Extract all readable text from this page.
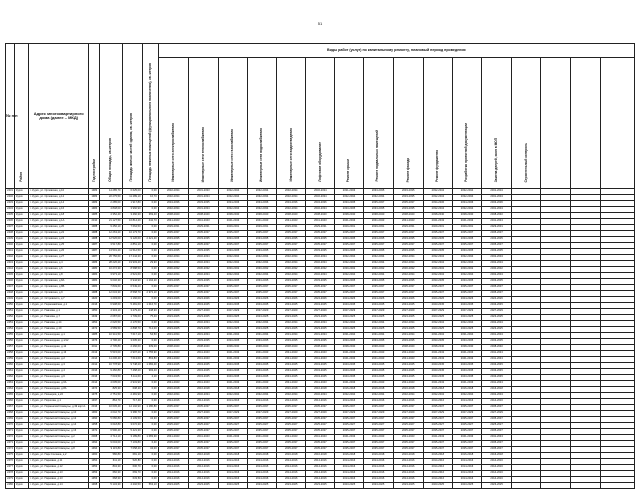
51
№ п/п	Район	Адрес многоквартирного дома (далее – МКД)	Год постройки	Общая площадь, кв.метров	Площадь жилых частей здания, кв. метров	Площадь нежилых помещений (функционального назначения), кв. метров	Виды работ (услуг) по капитальному ремонту, плановый период проведения															
							Инженерные сети электроснабжения	Инженерные сети теплоснабжения	Инженерные сети газоснабжения	Инженерные сети водоснабжения	Инженерные сети водоотведения	Лифтовое оборудование	Ремонт крыши	Ремонт подвальных помещений	Ремонт фасада	Ремонт фундамента	Разработка проектной документации	Замена дверей, окон в МОП	Строительный контроль			
2431	Курск	г. Курск, ул. Орловская, д.10	1983	14 285,70	6 625,00	0,00	2032-2034	2031-2033	2032-2034	2032-2034	2032-2034	2032-2034	2031-2033	2033-2035	2033-2035	2032-2034	2032-2034	2031-2034				
2432	Курск	г. Курск, ул. Орловская, д.12	1983	22 275,50	11 289,10	10,70	2032-2034	2031-2034	2032-2034	2032-2034	2032-2034	2032-2034	2032-2034	2032-2034	2033-2035	2032-2034	2032-2034	2031-2034				
2433	Курск	г. Курск, ул. Орловская, д.14	1983	2 285,00	1 917,80	0,00	2034-2036	2033-2035	2034-2036	2034-2036	2034-2036	2034-2036	2033-2035	2035-2037	2035-2037	2034-2036	2034-2036	2033-2036				
2434	Курск	г. Курск, ул. Орловская, д.16	1984	4 848,00	3 960,90	0,00	2032-2034	2031-2034	2032-2034	2032-2034	2032-2034	2032-2034	2033-2035	2033-2035	2033-2035	2032-2034	2032-2034	2031-2034				
2435	Курск	г. Курск, ул. Орловская, д.18	1985	4 352,40	3 460,30	369,40	2038-2040	2038-2040	2038-2040	2038-2040	2038-2040	2038-2040	2038-2040	2038-2040	2038-2040	2038-2040	2038-2040	2038-2040				
2436	Курск	г. Курск, ул. Орловская, д.1А	2010	21 127,50	16 814,20	442,70	2041-2043	2041-2043	2041-2043	2041-2043	2041-2043	2041-2043	2041-2043	2041-2043	2041-2043	2041-2043	2041-2043	2041-2043				
2437	Курск	г. Курск, ул. Орловская, д.20	1988	9 456,10	7 664,50	0,00	2029-2031	2029-2031	2029-2031	2029-2031	2029-2031	2029-2031	2029-2031	2029-2031	2029-2031	2029-2031	2029-2031	2029-2031				
2438	Курск	г. Курск, ул. Орловская, д.22	1988	12 263,20	10 173,70	0,00	2035-2037	2035-2037	2035-2037	2035-2037	2035-2037	2035-2037	2035-2037	2035-2037	2035-2037	2035-2037	2035-2037	2035-2037				
2439	Курск	г. Курск, ул. Орловская, д.24	1988	12 526,00	9 126,60	2 421,40	2033-2035	2033-2035	2033-2035	2033-2035	2033-2035	2033-2035	2033-2035	2033-2035	2033-2035	2033-2035	2033-2035	2033-2035				
2440	Курск	г. Курск, ул. Орловская, д.25	1987	3 517,80	2 851,10	0,00	2035-2037	2035-2037	2035-2037	2035-2037	2035-2037	2035-2037	2035-2037	2035-2037	2035-2037	2035-2037	2035-2037	2035-2037				
2441	Курск	г. Курск, ул. Орловская, д.26	1987	13 501,20	11 512,50	0,00	2033-2035	2033-2035	2033-2035	2033-2035	2033-2035	2033-2035	2033-2035	2033-2035	2033-2035	2033-2035	2033-2035	2033-2035				
2442	Курск	г. Курск, ул. Орловская, д.27	1987	20 756,60	17 244,30	0,00	2032-2034	2032-2034	2032-2034	2032-2034	2032-2034	2032-2034	2032-2034	2032-2034	2032-2034	2032-2034	2032-2034	2032-2034				
2443	Курск	г. Курск, ул. Орловская, д.4	1986	28 226,20	19 903,40	29,90	2032-2034	2032-2034	2032-2034	2032-2034	2032-2034	2032-2034	2032-2034	2032-2034	2032-2034	2032-2034	2032-2034	2032-2034				
2444	Курск	г. Курск, ул. Орловская, д.6	1980	10 272,30	8 588,50	0,00	2030-2032	2030-2032	2030-2032	2030-2032	2030-2032	2030-2032	2030-2032	2030-2032	2030-2032	2030-2032	2030-2032	2030-2032				
2445	Курск	г. Курск, ул. Орловская, д.8	1984	3 973,10	2 521,60	0,00	2032-2034	2032-2034	2032-2034	2032-2034	2032-2034	2032-2034	2032-2034	2032-2034	2032-2034	2032-2034	2032-2034	2032-2034				
2446	Курск	г. Курск, ул. Орловская, д.8А	1984	9 046,30	6 944,90	1 194,20	2033-2035	2033-2035	2033-2035	2033-2035	2033-2035	2033-2035	2033-2035	2033-2035	2033-2035	2033-2035	2033-2035	2033-2035				
2447	Курск	г. Курск, ул. Орловская, д.8Б	1984	7 849,60	6 549,20	0,00	2035-2037	2035-2037	2035-2037	2035-2037	2035-2037	2035-2037	2035-2037	2035-2037	2035-2037	2035-2037	2035-2037	2035-2037				
2448	Курск	г. Курск, ул. Орловская, д.9	1988	12 034,30	8 568,70	2 972,10	2035-2037	2035-2037	2035-2037	2035-2037	2035-2037	2035-2037	2035-2037	2035-2037	2035-2037	2035-2037	2035-2037	2035-2037				
2449	Курск	г. Курск, ул. Островского, д.7	1920	1 293,00	1 160,00	0,00	2024-2026	2024-2026	2024-2026	2024-2026	2024-2026	2024-2026	2024-2026	2024-2026	2024-2026	2024-2026	2024-2026	2024-2026				
2450	Курск	г. Курск, ул. Первомайская, д.1	2016	6 908,60	5 481,60	1 016,70	2043-2045	2043-2045	2043-2045	2043-2045	2043-2045	2043-2045	2043-2045	2043-2045	2043-2045	2043-2045	2043-2045	2043-2045				
2451	Курск	г. Курск, ул. Павлова, д.1	1950	4 343,10	3 279,40	248,90	2027-2029	2027-2029	2027-2029	2027-2029	2027-2029	2027-2029	2027-2029	2027-2029	2027-2029	2027-2029	2027-2029	2027-2029				
2452	Курск	г. Курск, ул. Павлова, д.7	1949	2 087,00	1 709,60	75,40	2023-2025	2023-2025	2023-2025	2023-2025	2023-2025	2023-2025	2023-2025	2023-2025	2023-2025	2023-2025	2023-2025	2023-2025				
2453	Курск	г. Курск, ул. Павлова, д.14	1954	2 626,50	2 170,50	0,00	2032-2034	2032-2034	2032-2034	2032-2034	2032-2034	2032-2034	2032-2034	2032-2034	2032-2034	2032-2034	2032-2034	2032-2034				
2454	Курск	г. Курск, ул. Павлова, д.19	1972	4 589,50	2 898,70	712,00	2023-2025	2023-2025	2023-2025	2023-2025	2023-2025	2023-2025	2023-2025	2023-2025	2023-2025	2023-2025	2023-2025	2023-2025				
2455	Курск	г. Курск, ул. Пешеходная, д.1	1985	10 341,50	7 617,10	54,50	2031-2034	2031-2034	2031-2034	2031-2034	2031-2034	2031-2034	2031-2034	2031-2034	2031-2034	2031-2034	2031-2034	2031-2034				
2456	Курск	г. Курск, ул. Пешеходная, д.1/12	1976	4 796,20	3 605,30	0,00	2033-2035	2033-2035	2033-2035	2033-2035	2033-2035	2033-2035	2033-2035	2033-2035	2033-2035	2033-2035	2033-2035	2033-2035				
2457	Курск	г. Курск, ул. Пешеходная, д.12	2011	2 705,80	2 266,60	339,00	2038-2040	2038-2040	2038-2040	2038-2040	2038-2040	2038-2040	2038-2040	2038-2040	2038-2040	2038-2040	2038-2040	2038-2040				
2458	Курск	г. Курск, ул. Пешеходная, д.13	2013	5 515,00	2 907,20	1 755,90	2041-2043	2041-2043	2041-2043	2041-2043	2041-2043	2041-2043	2041-2043	2041-2043	2041-2043	2041-2043	2041-2043	2041-2043				
2459	Курск	г. Курск, ул. Пешеходная, д.2	2014	11 206,40	7 613,60	863,80	2041-2043	2041-2043	2041-2043	2041-2043	2041-2043	2041-2043	2041-2043	2041-2043	2041-2043	2041-2043	2041-2043	2041-2043				
2460	Курск	г. Курск, ул. Пешеходная, д.3	2012	16 778,90	9 748,20	1 082,40	2043-2045	2043-2045	2043-2045	2043-2045	2043-2045	2043-2045	2043-2045	2043-2045	2043-2045	2043-2045	2043-2045	2043-2045				
2461	Курск	г. Курск, ул. Пешеходная, д.4	2016	9 460,80	7 468,20	993,40	2043-2045	2043-2045	2043-2045	2043-2045	2043-2045	2043-2045	2043-2045	2043-2045	2043-2045	2043-2045	2043-2045	2043-2045				
2462	Курск	г. Курск, ул. Пешеходная, д.6	2016	7 643,50	6 111,60	2,10	2043-2045	2043-2045	2043-2045	2043-2045	2043-2045	2043-2045	2043-2045	2043-2045	2043-2045	2043-2045	2043-2045	2043-2045				
2463	Курск	г. Курск, ул. Пешеходная, д.6А	2014	4 005,00	2 931,90	0,00	2041-2043	2041-2043	2041-2043	2041-2043	2041-2043	2041-2043	2041-2043	2041-2043	2041-2043	2041-2043	2041-2043	2041-2043				
2464	Курск	г. Курск, ул. Пешеходная, д.8А	1974	825,30	608,20	0,00	2016-2018	2016-2018	2016-2018	2016-2018	2016-2018	2016-2018	2016-2018	2016-2018	2016-2018	2016-2018	2016-2018	2016-2018				
2465	Курск	г. Курск, ул. Пионеров, д.22	1975	2 751,50	2 481,90	0,00	2032-2034	2032-2034	2032-2034	2032-2034	2032-2034	2032-2034	2032-2034	2032-2034	2032-2034	2032-2034	2032-2034	2032-2034				
2466	Курск	г. Курск, ул. Пирогова, д.1	1937	864,70	717,40	0,00	2014-2016	2014-2016	2014-2016	2014-2016	2014-2016	2014-2016	2014-2016	2014-2016	2014-2016	2014-2016	2014-2016	2014-2016				
2467	Курск	г. Курск, ул. Порвенской Коммуны, д.39 корп.1	2016	10 645,40	12 102,90	1 180,80	2035-2037	2035-2037	2035-2037	2035-2037	2035-2037	2035-2037	2035-2037	2035-2037	2035-2037	2035-2037	2035-2037	2035-2037				
2468	Курск	г. Курск, ул. Парижской Коммуны, д.10	1960	4 042,70	3 386,70	0,00	2027-2029	2027-2029	2027-2029	2027-2029	2027-2029	2027-2029	2027-2029	2027-2029	2027-2029	2027-2029	2027-2029	2027-2029				
2469	Курск	г. Курск, ул. Парижской Коммуны, д.12	1990	5 686,80	4 109,50	34,30	2035-2037	2035-2037	2035-2037	2035-2037	2035-2037	2035-2037	2035-2037	2035-2037	2035-2037	2035-2037	2035-2037	2035-2037				
2470	Курск	г. Курск, ул. Парижской Коммуны, д.14	1958	3 618,80	3 072,30	0,00	2025-2027	2025-2027	2025-2027	2025-2027	2025-2027	2025-2027	2025-2027	2025-2027	2025-2027	2025-2027	2025-2027	2025-2027				
2471	Курск	г. Курск, ул. Парижской Коммуны, д.16	1972	6 590,40	5 421,30	0,00	2035-2037	2035-2037	2035-2037	2035-2037	2035-2037	2035-2037	2035-2037	2035-2037	2035-2037	2035-2037	2035-2037	2035-2037				
2472	Курск	г. Курск, ул. Парижской Коммуны, д.2	2008	4 714,10	3 189,80	1 083,30	2041-2043	2041-2043	2041-2043	2041-2043	2041-2043	2041-2043	2041-2043	2041-2043	2041-2043	2041-2043	2041-2043	2041-2043				
2473	Курск	г. Курск, ул. Парижской Коммуны, д.4	1994	9 004,00	7 103,80	6,40	2035-2037	2035-2037	2035-2037	2035-2037	2035-2037	2035-2037	2035-2037	2035-2037	2035-2037	2035-2037	2035-2037	2035-2037				
2474	Курск	г. Курск, ул. Парижской Коммуны, д.8	1994	9 115,80	7 058,40	34,00	2035-2037	2035-2037	2035-2037	2035-2037	2035-2037	2035-2037	2035-2037	2035-2037	2035-2037	2035-2037	2035-2037	2035-2037				
2475	Курск	г. Курск, ул. Парк Солянка, д.2	1960	586,80	681,10	0,00	2016-2018	2016-2018	2016-2018	2016-2018	2016-2018	2016-2018	2016-2018	2016-2018	2016-2018	2016-2018	2016-2018	2016-2018				
2476	Курск	г. Курск, ул. Парковая, д.11	1954	611,10	526,80	0,00	2014-2016	2014-2016	2014-2016	2014-2016	2014-2016	2014-2016	2014-2016	2014-2016	2014-2016	2014-2016	2014-2016	2014-2016				
2477	Курск	г. Курск, ул. Парковая, д.12	1953	804,30	606,70	0,00	2014-2016	2014-2016	2014-2016	2014-2016	2014-2016	2014-2016	2014-2016	2014-2016	2014-2016	2014-2016	2014-2016	2014-2016				
2478	Курск	г. Курск, ул. Парковая, д.13	1953	660,30	669,70	0,00	2014-2016	2014-2016	2014-2016	2014-2016	2014-2016	2014-2016	2014-2016	2014-2016	2014-2016	2014-2016	2014-2016	2014-2016				
2479	Курск	г. Курск, ул. Парковая, д.13	1953	668,30	633,50	0,00	2014-2016	2014-2016	2014-2016	2014-2016	2014-2016	2014-2016	2014-2016	2014-2016	2014-2016	2014-2016	2014-2016	2014-2016				
2480	Курск	г. Курск, ул. Парковая, д.14	1968	5 134,30	4 202,50	563,10	2023-2025	2023-2025	2023-2025	2023-2025	2023-2025	2023-2025	2023-2025	2023-2025	2023-2025	2023-2025	2023-2025	2023-2025				
